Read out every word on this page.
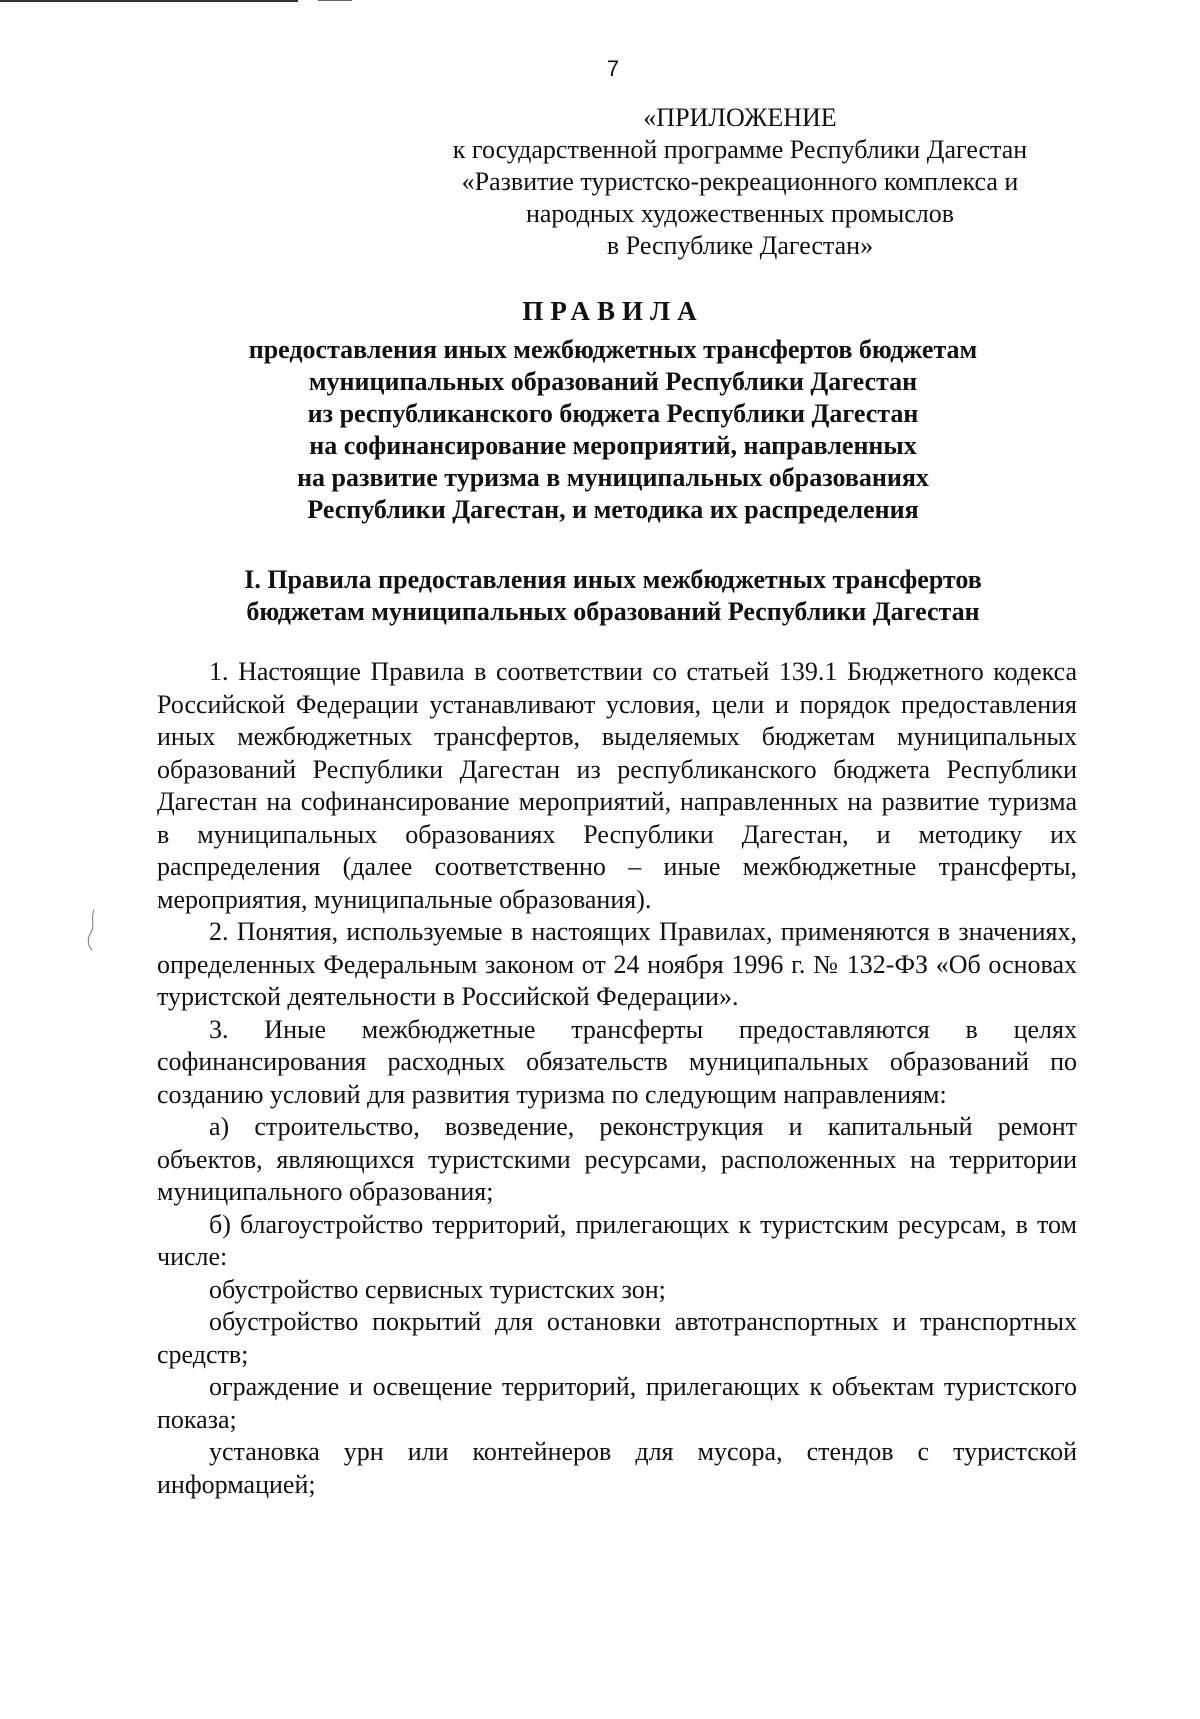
7
«ПРИЛОЖЕНИЕ
к государственной программе Республики Дагестан
«Развитие туристско-рекреационного комплекса и
народных художественных промыслов
в Республике Дагестан»
ПРАВИЛА
предоставления иных межбюджетных трансфертов бюджетам
муниципальных образований Республики Дагестан
из республиканского бюджета Республики Дагестан
на софинансирование мероприятий, направленных
на развитие туризма в муниципальных образованиях
Республики Дагестан, и методика их распределения
I. Правила предоставления иных межбюджетных трансфертов
бюджетам муниципальных образований Республики Дагестан

1. Настоящие Правила в соответствии со статьей 139.1 Бюджетного кодекса Российской Федерации устанавливают условия, цели и порядок предоставления иных межбюджетных трансфертов, выделяемых бюджетам муниципальных образований Республики Дагестан из республиканского бюджета Республики Дагестан на софинансирование мероприятий, направленных на развитие туризма в муниципальных образованиях Республики Дагестан, и методику их распределения (далее соответственно – иные межбюджетные трансферты, мероприятия, муниципальные образования).

2. Понятия, используемые в настоящих Правилах, применяются в значениях, определенных Федеральным законом от 24 ноября 1996 г. № 132-ФЗ «Об основах туристской деятельности в Российской Федерации».

3. Иные межбюджетные трансферты предоставляются в целях софинансирования расходных обязательств муниципальных образований по созданию условий для развития туризма по следующим направлениям:

а) строительство, возведение, реконструкция и капитальный ремонт объектов, являющихся туристскими ресурсами, расположенных на территории муниципального образования;

б) благоустройство территорий, прилегающих к туристским ресурсам, в том числе:

обустройство сервисных туристских зон;

обустройство покрытий для остановки автотранспортных и транспортных средств;

ограждение и освещение территорий, прилегающих к объектам туристского показа;

установка урн или контейнеров для мусора, стендов с туристской информацией;
